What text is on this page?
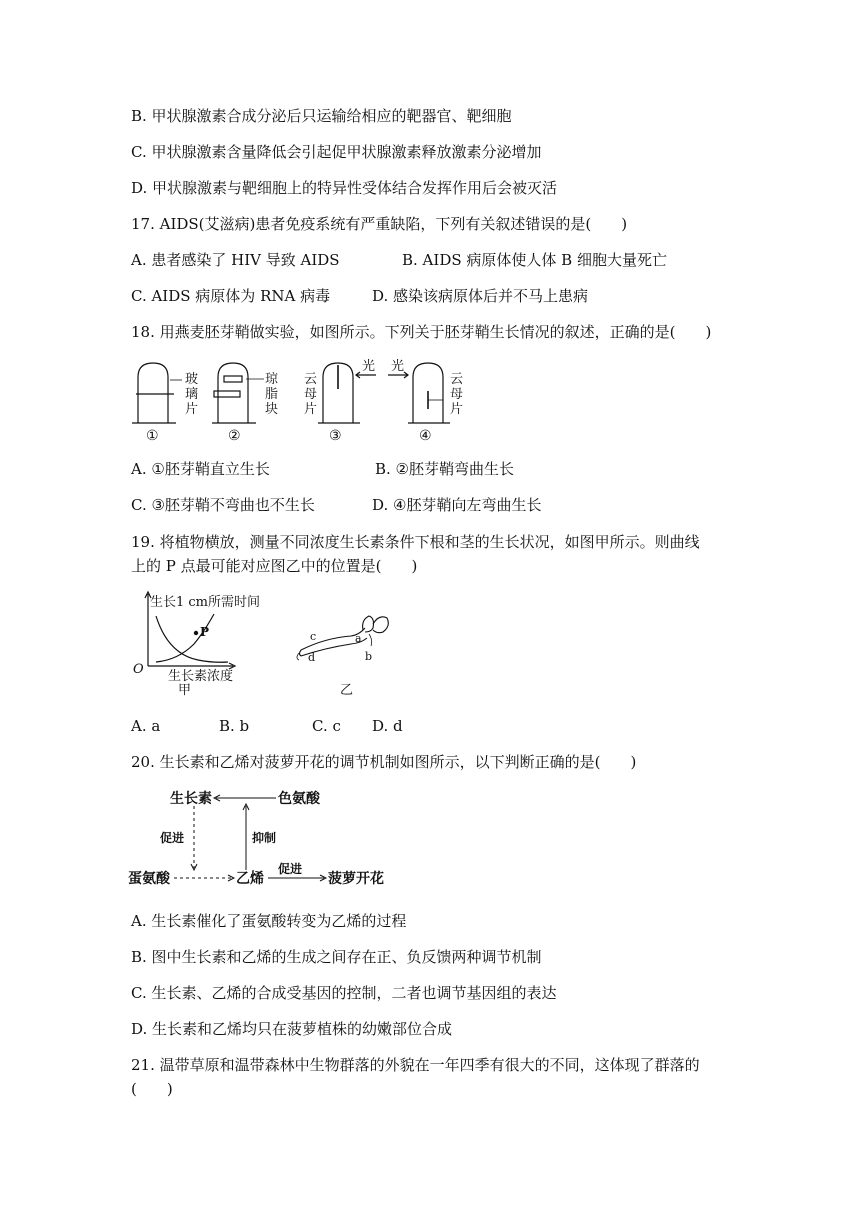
B. 甲状腺激素合成分泌后只运输给相应的靶器官、靶细胞
C. 甲状腺激素含量降低会引起促甲状腺激素释放激素分泌增加
D. 甲状腺激素与靶细胞上的特异性受体结合发挥作用后会被灭活
17. AIDS(艾滋病)患者免疫系统有严重缺陷，下列有关叙述错误的是(　　)
A. 患者感染了 HIV 导致 AIDS	B. AIDS 病原体使人体 B 细胞大量死亡
C. AIDS 病原体为 RNA 病毒	D. 感染该病原体后并不马上患病
18. 用燕麦胚芽鞘做实验，如图所示。下列关于胚芽鞘生长情况的叙述，正确的是(　　)
玻
璃
片
①
琼
脂
块
②
云
母
片
光
③
光
云
母
片
④
A. ①胚芽鞘直立生长	B. ②胚芽鞘弯曲生长
C. ③胚芽鞘不弯曲也不生长	D. ④胚芽鞘向左弯曲生长
19. 将植物横放，测量不同浓度生长素条件下根和茎的生长状况，如图甲所示。则曲线
上的 P 点最可能对应图乙中的位置是(　　)
生长1 cm所需时间
P
O 生长素浓度
甲
c
d
a
b
乙
A. a	B. b	C. c D. d
20. 生长素和乙烯对菠萝开花的调节机制如图所示，以下判断正确的是(　　)
生长素	色氨酸
促进	抑制
蛋氨酸	乙烯
促进
菠萝开花
A. 生长素催化了蛋氨酸转变为乙烯的过程
B. 图中生长素和乙烯的生成之间存在正、负反馈两种调节机制
C. 生长素、乙烯的合成受基因的控制，二者也调节基因组的表达
D. 生长素和乙烯均只在菠萝植株的幼嫩部位合成
21. 温带草原和温带森林中生物群落的外貌在一年四季有很大的不同，这体现了群落的
(　　)
